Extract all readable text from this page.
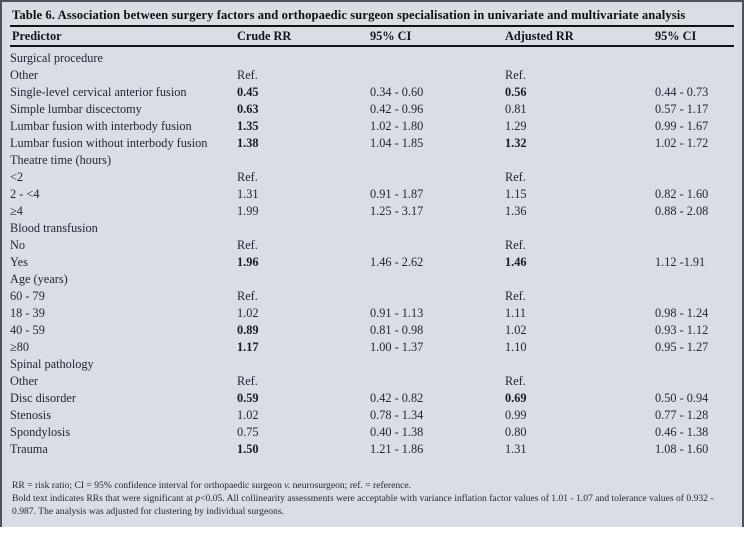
Table 6. Association between surgery factors and orthopaedic surgeon specialisation in univariate and multivariate analysis
Predictor	Crude RR	95% CI	Adjusted RR	95% CI
Surgical procedure				
Other	Ref.		Ref.	
Single-level cervical anterior fusion	0.45	0.34 - 0.60	0.56	0.44 - 0.73
Simple lumbar discectomy	0.63	0.42 - 0.96	0.81	0.57 - 1.17
Lumbar fusion with interbody fusion	1.35	1.02 - 1.80	1.29	0.99 - 1.67
Lumbar fusion without interbody fusion	1.38	1.04 - 1.85	1.32	1.02 - 1.72
Theatre time (hours)				
<2	Ref.		Ref.	
2 - <4	1.31	0.91 - 1.87	1.15	0.82 - 1.60
≥4	1.99	1.25 - 3.17	1.36	0.88 - 2.08
Blood transfusion				
No	Ref.		Ref.	
Yes	1.96	1.46 - 2.62	1.46	1.12 -1.91
Age (years)				
60 - 79	Ref.		Ref.	
18 - 39	1.02	0.91 - 1.13	1.11	0.98 - 1.24
40 - 59	0.89	0.81 - 0.98	1.02	0.93 - 1.12
≥80	1.17	1.00 - 1.37	1.10	0.95 - 1.27
Spinal pathology				
Other	Ref.		Ref.	
Disc disorder	0.59	0.42 - 0.82	0.69	0.50 - 0.94
Stenosis	1.02	0.78 - 1.34	0.99	0.77 - 1.28
Spondylosis	0.75	0.40 - 1.38	0.80	0.46 - 1.38
Trauma	1.50	1.21 - 1.86	1.31	1.08 - 1.60

RR = risk ratio; CI = 95% confidence interval for orthopaedic surgeon v. neurosurgeon; ref. = reference.

Bold text indicates RRs that were significant at p<0.05. All collinearity assessments were acceptable with variance inflation factor values of 1.01 - 1.07 and tolerance values of 0.932 - 0.987. The analysis was adjusted for clustering by individual surgeons.
